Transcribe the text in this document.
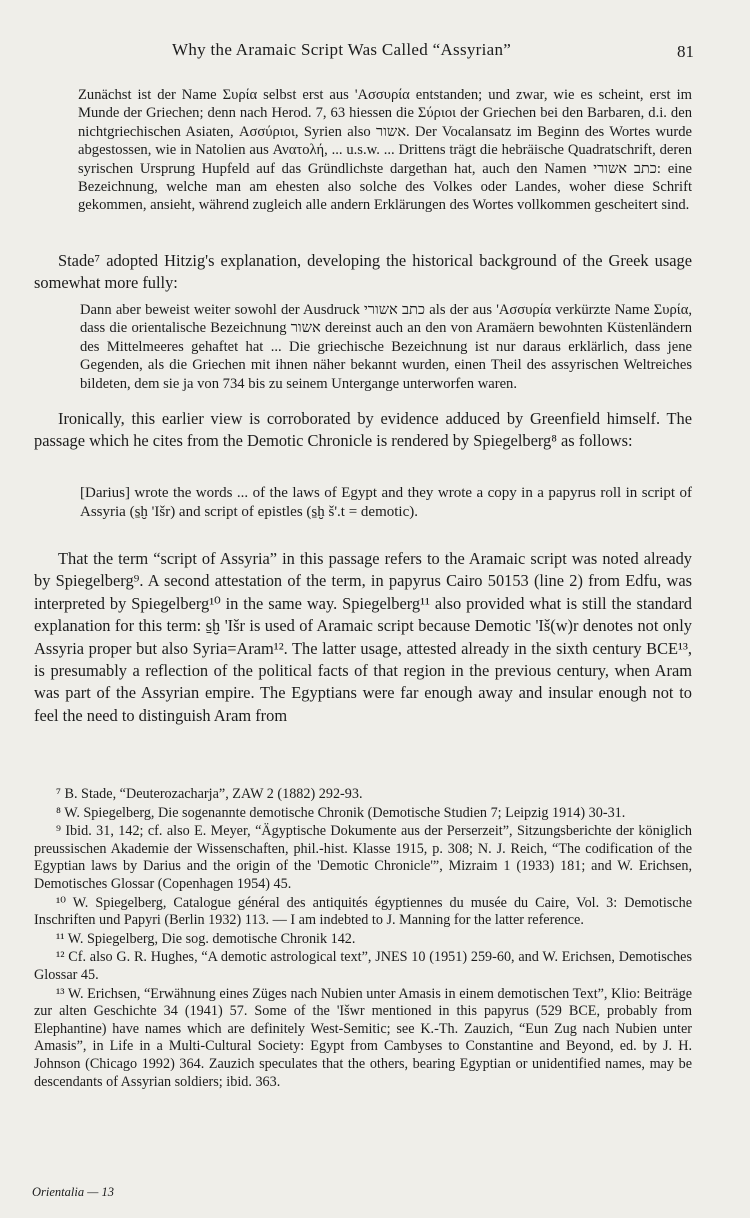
Why the Aramaic Script Was Called “Assyrian”	81

Zunächst ist der Name Συρία selbst erst aus 'Ασσυρία entstanden; und zwar, wie es scheint, erst im Munde der Griechen; denn nach Herod. 7, 63 hiessen die Σύριοι der Griechen bei den Barbaren, d.i. den nichtgriechischen Asiaten, Ασσύριοι, Syrien also אשור. Der Vocalansatz im Beginn des Wortes wurde abgestossen, wie in Natolien aus Ανατολή, ... u.s.w. ... Drittens trägt die hebräische Quadratschrift, deren syrischen Ursprung Hupfeld auf das Gründlichste dargethan hat, auch den Namen כתב אשורי: eine Bezeichnung, welche man am ehesten also solche des Volkes oder Landes, woher diese Schrift gekommen, ansieht, während zugleich alle andern Erklärungen des Wortes vollkommen gescheitert sind.

Stade⁷ adopted Hitzig's explanation, developing the historical background of the Greek usage somewhat more fully:

Dann aber beweist weiter sowohl der Ausdruck כתב אשורי als der aus 'Ασσυρία verkürzte Name Συρία, dass die orientalische Bezeichnung אשור dereinst auch an den von Aramäern bewohnten Küstenländern des Mittelmeeres gehaftet hat ... Die griechische Bezeichnung ist nur daraus erklärlich, dass jene Gegenden, als die Griechen mit ihnen näher bekannt wurden, einen Theil des assyrischen Weltreiches bildeten, dem sie ja von 734 bis zu seinem Untergange unterworfen waren.

Ironically, this earlier view is corroborated by evidence adduced by Greenfield himself. The passage which he cites from the Demotic Chronicle is rendered by Spiegelberg⁸ as follows:

[Darius] wrote the words ... of the laws of Egypt and they wrote a copy in a papyrus roll in script of Assyria (s̱ḫ 'Išr) and script of epistles (s̱ḫ š'.t = demotic).

That the term “script of Assyria” in this passage refers to the Aramaic script was noted already by Spiegelberg⁹. A second attestation of the term, in papyrus Cairo 50153 (line 2) from Edfu, was interpreted by Spiegelberg¹⁰ in the same way. Spiegelberg¹¹ also provided what is still the standard explanation for this term: s̱ḫ 'Išr is used of Aramaic script because Demotic 'Iš(w)r denotes not only Assyria proper but also Syria=Aram¹². The latter usage, attested already in the sixth century BCE¹³, is presumably a reflection of the political facts of that region in the previous century, when Aram was part of the Assyrian empire. The Egyptians were far enough away and insular enough not to feel the need to distinguish Aram from

⁷ B. Stade, “Deuterozacharja”, ZAW 2 (1882) 292-93.

⁸ W. Spiegelberg, Die sogenannte demotische Chronik (Demotische Studien 7; Leipzig 1914) 30-31.

⁹ Ibid. 31, 142; cf. also E. Meyer, “Ägyptische Dokumente aus der Perserzeit”, Sitzungsberichte der königlich preussischen Akademie der Wissenschaften, phil.-hist. Klasse 1915, p. 308; N. J. Reich, “The codification of the Egyptian laws by Darius and the origin of the 'Demotic Chronicle'”, Mizraim 1 (1933) 181; and W. Erichsen, Demotisches Glossar (Copenhagen 1954) 45.

¹⁰ W. Spiegelberg, Catalogue général des antiquités égyptiennes du musée du Caire, Vol. 3: Demotische Inschriften und Papyri (Berlin 1932) 113. — I am indebted to J. Manning for the latter reference.

¹¹ W. Spiegelberg, Die sog. demotische Chronik 142.

¹² Cf. also G. R. Hughes, “A demotic astrological text”, JNES 10 (1951) 259-60, and W. Erichsen, Demotisches Glossar 45.

¹³ W. Erichsen, “Erwähnung eines Züges nach Nubien unter Amasis in einem demotischen Text”, Klio: Beiträge zur alten Geschichte 34 (1941) 57. Some of the 'Išwr mentioned in this papyrus (529 BCE, probably from Elephantine) have names which are definitely West-Semitic; see K.-Th. Zauzich, “Eun Zug nach Nubien unter Amasis”, in Life in a Multi-Cultural Society: Egypt from Cambyses to Constantine and Beyond, ed. by J. H. Johnson (Chicago 1992) 364. Zauzich speculates that the others, bearing Egyptian or unidentified names, may be descendants of Assyrian soldiers; ibid. 363.

Orientalia — 13
